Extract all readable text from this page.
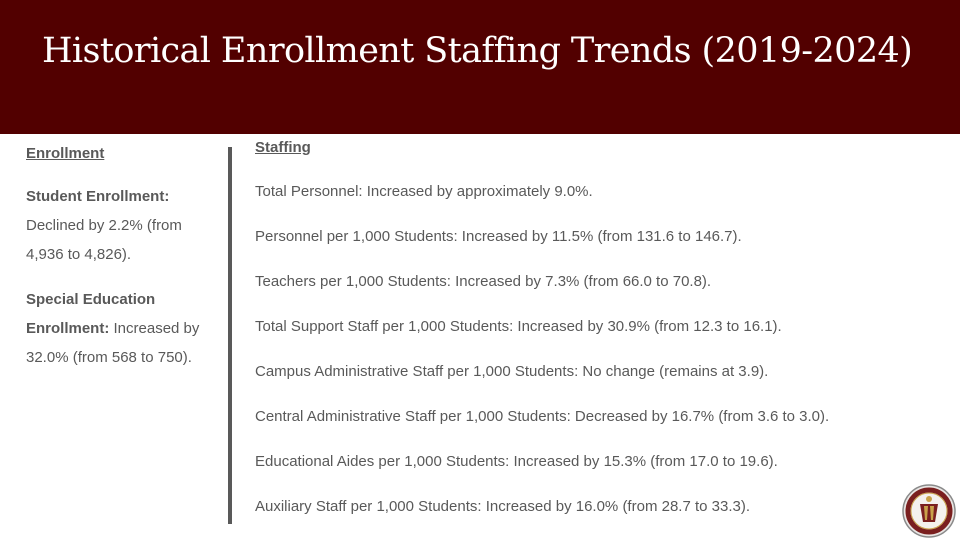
Historical Enrollment Staffing Trends (2019-2024)

Enrollment

Student Enrollment:
Declined by 2.2% (from 4,936 to 4,826).

Special Education Enrollment: Increased by 32.0% (from 568 to 750).

Staffing

Total Personnel: Increased by approximately 9.0%.

Personnel per 1,000 Students: Increased by 11.5% (from 131.6 to 146.7).

Teachers per 1,000 Students: Increased by 7.3% (from 66.0 to 70.8).

Total Support Staff per 1,000 Students: Increased by 30.9% (from 12.3 to 16.1).

Campus Administrative Staff per 1,000 Students: No change (remains at 3.9).

Central Administrative Staff per 1,000 Students: Decreased by 16.7% (from 3.6 to 3.0).

Educational Aides per 1,000 Students: Increased by 15.3% (from 17.0 to 19.6).

Auxiliary Staff per 1,000 Students: Increased by 16.0% (from 28.7 to 33.3).
